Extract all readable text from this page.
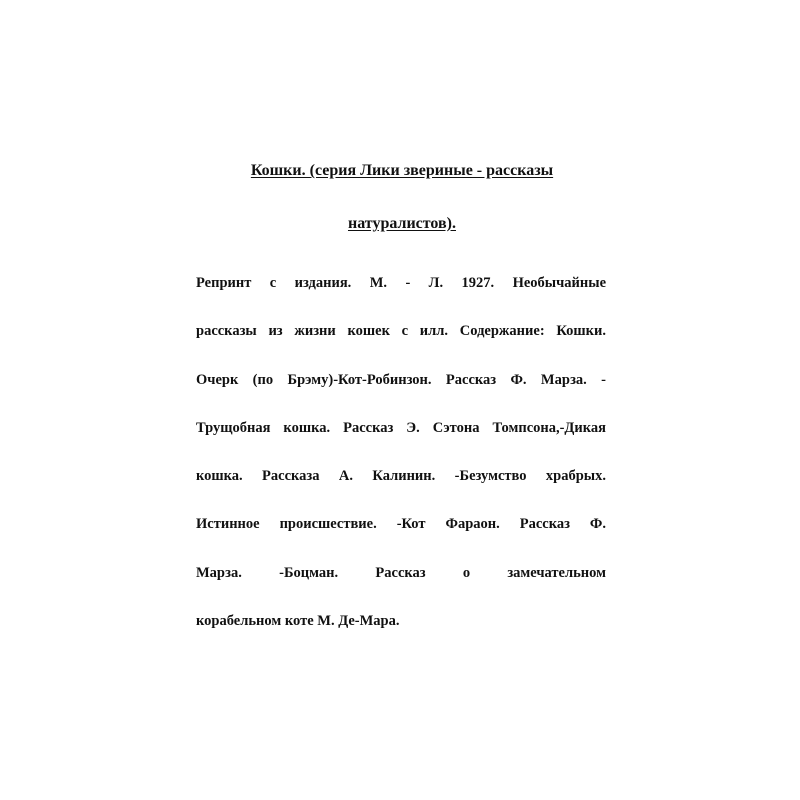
Кошки. (серия Лики звериные - рассказы
натуралистов).
Репринт с издания. М. - Л. 1927. Необычайные
рассказы из жизни кошек с илл. Содержание: Кошки.
Очерк (по Брэму)-Кот-Робинзон. Рассказ Ф. Марза. -
Трущобная кошка. Рассказ Э. Сэтона Томпсона,-Дикая
кошка. Рассказа А. Калинин. -Безумство храбрых.
Истинное происшествие. -Кот Фараон. Рассказ Ф.
Марза. -Боцман. Рассказ о замечательном
корабельном коте М. Де-Мара.
